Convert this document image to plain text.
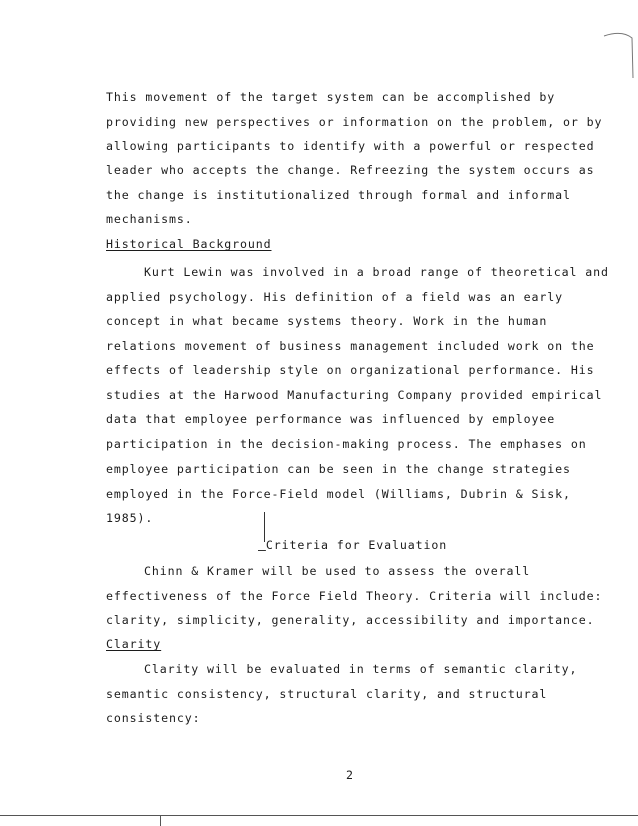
This movement of the target system can be accomplished by
providing new perspectives or information on the problem, or by
allowing participants to identify with a powerful or respected
leader who accepts the change. Refreezing the system occurs as
the change is institutionalized through formal and informal
mechanisms.
Historical Background
Kurt Lewin was involved in a broad range of theoretical and
applied psychology. His definition of a field was an early
concept in what became systems theory. Work in the human
relations movement of business management included work on the
effects of leadership style on organizational performance. His
studies at the Harwood Manufacturing Company provided empirical
data that employee performance was influenced by employee
participation in the decision-making process. The emphases on
employee participation can be seen in the change strategies
employed in the Force-Field model (Williams, Dubrin & Sisk,
1985).
Criteria for Evaluation
Chinn & Kramer will be used to assess the overall
effectiveness of the Force Field Theory. Criteria will include:
clarity, simplicity, generality, accessibility and importance.
Clarity
Clarity will be evaluated in terms of semantic clarity,
semantic consistency, structural clarity, and structural
consistency:
2
